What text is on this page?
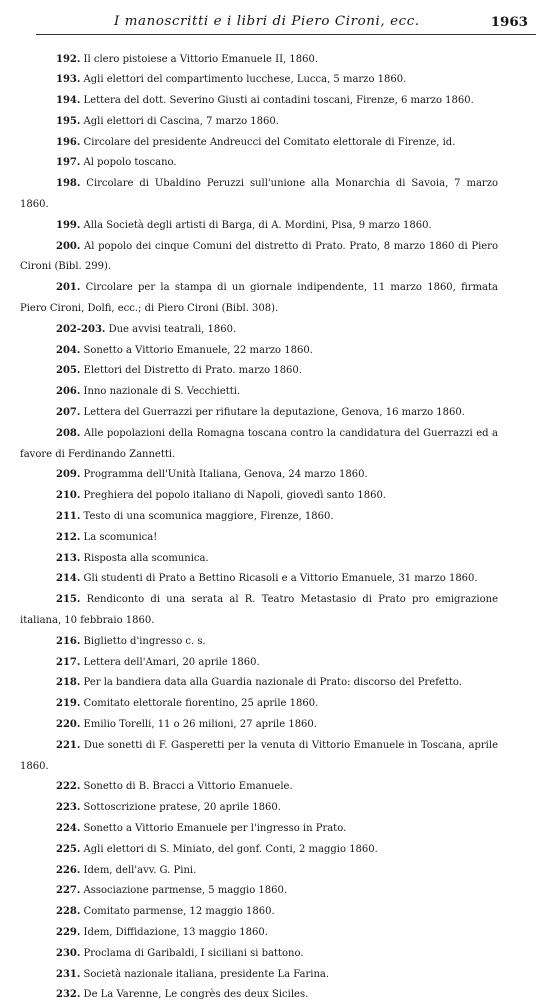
I manoscritti e i libri di Piero Cironi, ecc.	1963
192. Il clero pistoiese a Vittorio Emanuele II, 1860.
193. Agli elettori del compartimento lucchese, Lucca, 5 marzo 1860.
194. Lettera del dott. Severino Giusti ai contadini toscani, Firenze, 6 marzo 1860.
195. Agli elettori di Cascina, 7 marzo 1860.
196. Circolare del presidente Andreucci del Comitato elettorale di Firenze, id.
197. Al popolo toscano.
198. Circolare di Ubaldino Peruzzi sull'unione alla Monarchia di Savoia, 7 marzo 1860.
199. Alla Società degli artisti di Barga, di A. Mordini, Pisa, 9 marzo 1860.
200. Al popolo dei cinque Comuni del distretto di Prato. Prato, 8 marzo 1860 di Piero Cironi (Bibl. 299).
201. Circolare per la stampa di un giornale indipendente, 11 marzo 1860, firmata Piero Cironi, Dolfi, ecc.; di Piero Cironi (Bibl. 308).
202-203. Due avvisi teatrali, 1860.
204. Sonetto a Vittorio Emanuele, 22 marzo 1860.
205. Elettori del Distretto di Prato. marzo 1860.
206. Inno nazionale di S. Vecchietti.
207. Lettera del Guerrazzi per rifiutare la deputazione, Genova, 16 marzo 1860.
208. Alle popolazioni della Romagna toscana contro la candidatura del Guerrazzi ed a favore di Ferdinando Zannetti.
209. Programma dell'Unità Italiana, Genova, 24 marzo 1860.
210. Preghiera del popolo italiano di Napoli, giovedì santo 1860.
211. Testo di una scomunica maggiore, Firenze, 1860.
212. La scomunica!
213. Risposta alla scomunica.
214. Gli studenti di Prato a Bettino Ricasoli e a Vittorio Emanuele, 31 marzo 1860.
215. Rendiconto di una serata al R. Teatro Metastasio di Prato pro emigrazione italiana, 10 febbraio 1860.
216. Biglietto d'ingresso c. s.
217. Lettera dell'Amari, 20 aprile 1860.
218. Per la bandiera data alla Guardia nazionale di Prato: discorso del Prefetto.
219. Comitato elettorale fiorentino, 25 aprile 1860.
220. Emilio Torelli, 11 o 26 milioni, 27 aprile 1860.
221. Due sonetti di F. Gasperetti per la venuta di Vittorio Emanuele in Toscana, aprile 1860.
222. Sonetto di B. Bracci a Vittorio Emanuele.
223. Sottoscrizione pratese, 20 aprile 1860.
224. Sonetto a Vittorio Emanuele per l'ingresso in Prato.
225. Agli elettori di S. Miniato, del gonf. Conti, 2 maggio 1860.
226. Idem, dell'avv. G. Pini.
227. Associazione parmense, 5 maggio 1860.
228. Comitato parmense, 12 maggio 1860.
229. Idem, Diffidazione, 13 maggio 1860.
230. Proclama di Garibaldi, I siciliani si battono.
231. Società nazionale italiana, presidente La Farina.
232. De La Varenne, Le congrès des deux Siciles.
